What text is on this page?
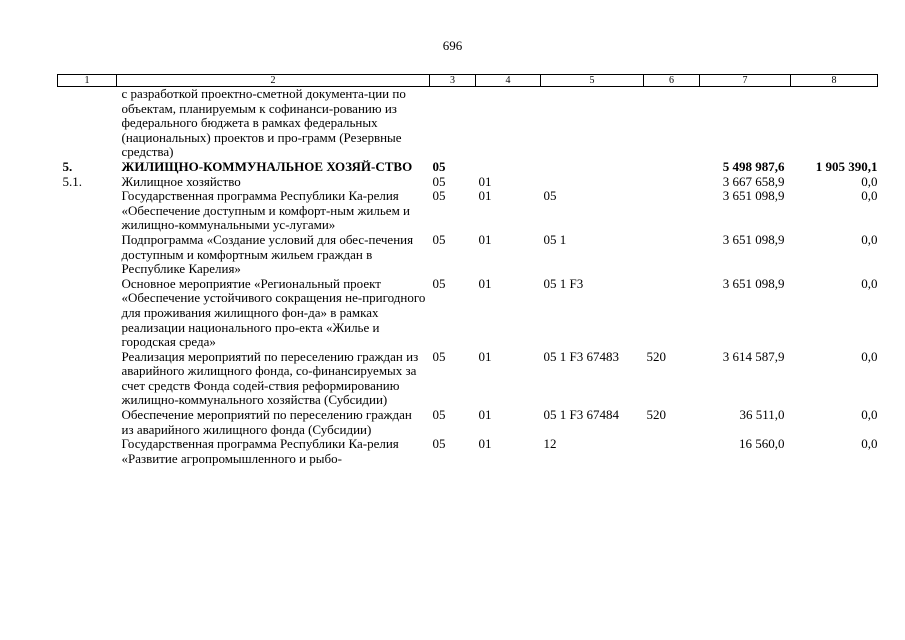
696
1	2	3	4	5	6	7	8
	с разработкой проектно-сметной документа-ции по объектам, планируемым к софинанси-рованию из федерального бюджета в рамках федеральных (национальных) проектов и про-грамм (Резервные средства)						
5.	ЖИЛИЩНО-КОММУНАЛЬНОЕ ХОЗЯЙ-СТВО	05				5 498 987,6	1 905 390,1
5.1.	Жилищное хозяйство	05	01			3 667 658,9	0,0
	Государственная программа Республики Ка-релия «Обеспечение доступным и комфорт-ным жильем и жилищно-коммунальными ус-лугами»	05	01	05		3 651 098,9	0,0
	Подпрограмма «Создание условий для обес-печения доступным и комфортным жильем граждан в Республике Карелия»	05	01	05 1		3 651 098,9	0,0
	Основное мероприятие «Региональный проект «Обеспечение устойчивого сокращения не-пригодного для проживания жилищного фон-да» в рамках реализации национального про-екта «Жилье и городская среда»	05	01	05 1 F3		3 651 098,9	0,0
	Реализация мероприятий по переселению граждан из аварийного жилищного фонда, со-финансируемых за счет средств Фонда содей-ствия реформированию жилищно-коммунального хозяйства (Субсидии)	05	01	05 1 F3 67483	520	3 614 587,9	0,0
	Обеспечение мероприятий по переселению граждан из аварийного жилищного фонда (Субсидии)	05	01	05 1 F3 67484	520	36 511,0	0,0
	Государственная программа Республики Ка-релия «Развитие агропромышленного и рыбо-	05	01	12		16 560,0	0,0
